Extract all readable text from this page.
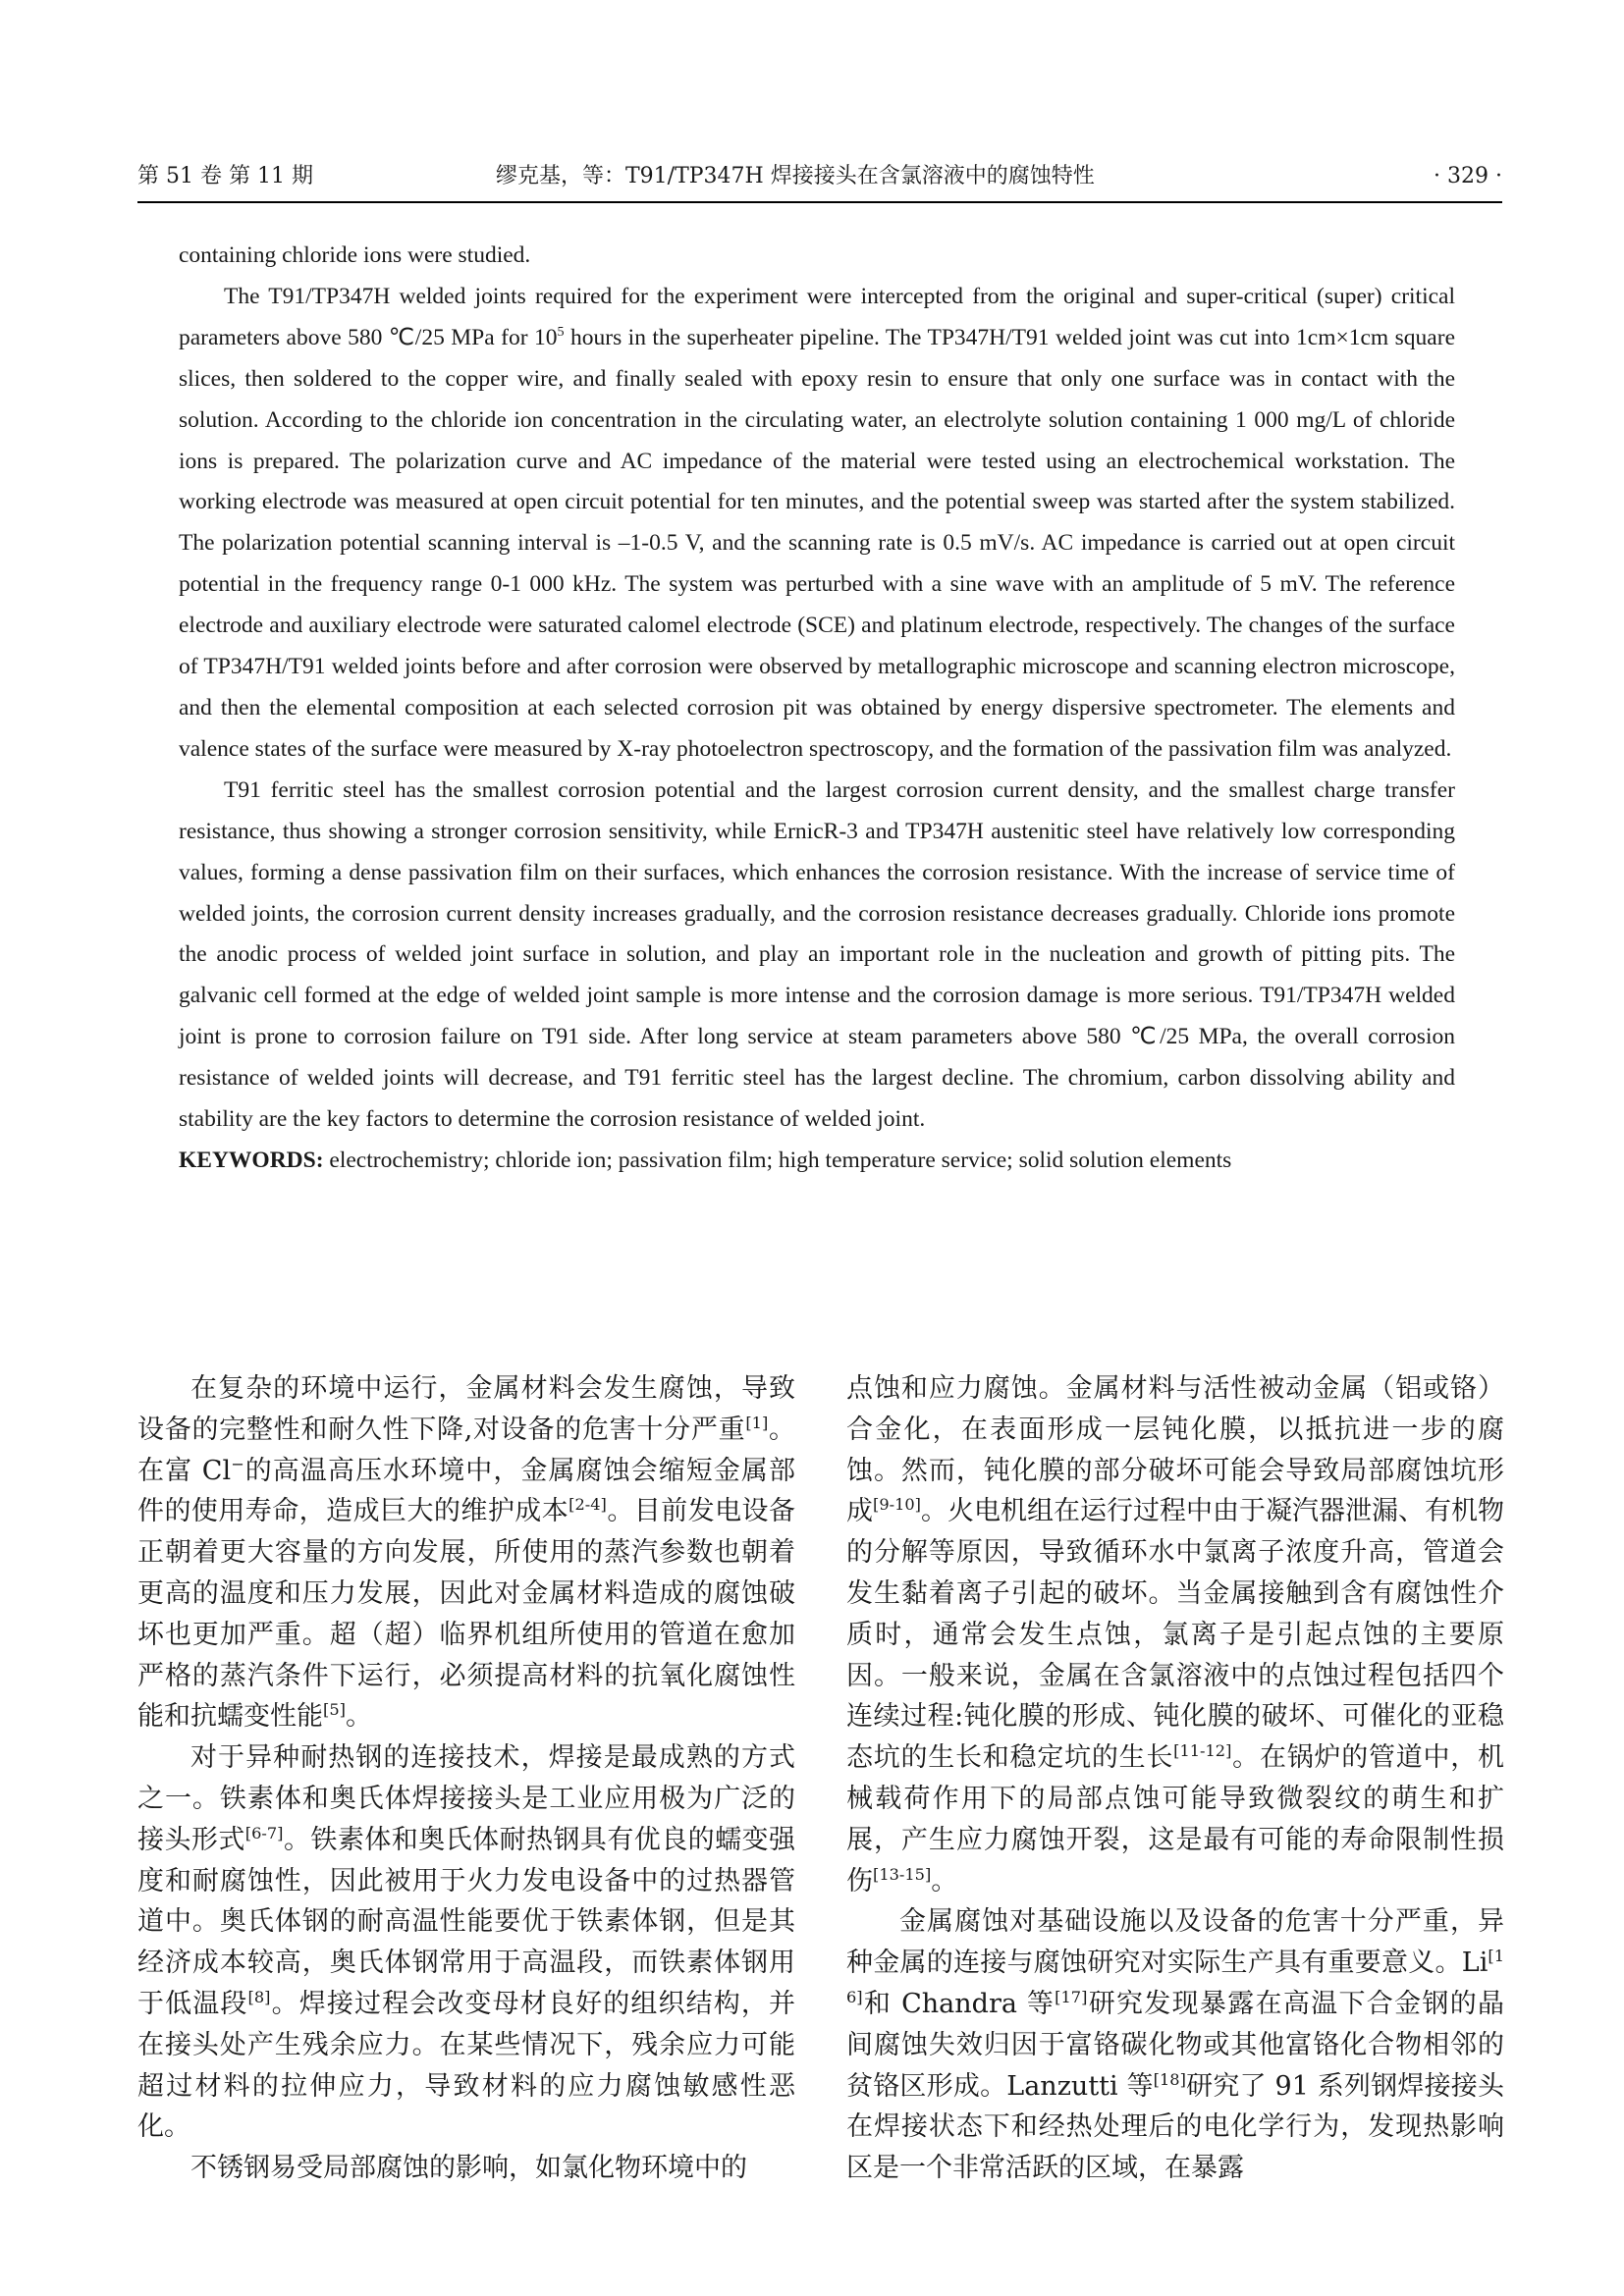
第 51 卷 第 11 期	缪克基，等：T91/TP347H 焊接接头在含氯溶液中的腐蚀特性	· 329 ·

containing chloride ions were studied.

The T91/TP347H welded joints required for the experiment were intercepted from the original and super-critical (super) critical parameters above 580 ℃/25 MPa for $10^5$ hours in the superheater pipeline. The TP347H/T91 welded joint was cut into 1cm×1cm square slices, then soldered to the copper wire, and finally sealed with epoxy resin to ensure that only one surface was in contact with the solution. According to the chloride ion concentration in the circulating water, an electrolyte solution containing 1 000 mg/L of chloride ions is prepared. The polarization curve and AC impedance of the material were tested using an electrochemical workstation. The working electrode was measured at open circuit potential for ten minutes, and the potential sweep was started after the system stabilized. The polarization potential scanning interval is –1-0.5 V, and the scanning rate is 0.5 mV/s. AC impedance is carried out at open circuit potential in the frequency range 0-1 000 kHz. The system was perturbed with a sine wave with an amplitude of 5 mV. The reference electrode and auxiliary electrode were saturated calomel electrode (SCE) and platinum electrode, respectively. The changes of the surface of TP347H/T91 welded joints before and after corrosion were observed by metallographic microscope and scanning electron microscope, and then the elemental composition at each selected corrosion pit was obtained by energy dispersive spectrometer. The elements and valence states of the surface were measured by X-ray photoelectron spectroscopy, and the formation of the passivation film was analyzed.

T91 ferritic steel has the smallest corrosion potential and the largest corrosion current density, and the smallest charge transfer resistance, thus showing a stronger corrosion sensitivity, while ErnicR-3 and TP347H austenitic steel have relatively low corresponding values, forming a dense passivation film on their surfaces, which enhances the corrosion resistance. With the increase of service time of welded joints, the corrosion current density increases gradually, and the corrosion resistance decreases gradually. Chloride ions promote the anodic process of welded joint surface in solution, and play an important role in the nucleation and growth of pitting pits. The galvanic cell formed at the edge of welded joint sample is more intense and the corrosion damage is more serious. T91/TP347H welded joint is prone to corrosion failure on T91 side. After long service at steam parameters above 580 ℃/25 MPa, the overall corrosion resistance of welded joints will decrease, and T91 ferritic steel has the largest decline. The chromium, carbon dissolving ability and stability are the key factors to determine the corrosion resistance of welded joint.

KEYWORDS: electrochemistry; chloride ion; passivation film; high temperature service; solid solution elements

在复杂的环境中运行，金属材料会发生腐蚀，导致设备的完整性和耐久性下降,对设备的危害十分严重[1]。在富 Cl−的高温高压水环境中，金属腐蚀会缩短金属部件的使用寿命，造成巨大的维护成本[2-4]。目前发电设备正朝着更大容量的方向发展，所使用的蒸汽参数也朝着更高的温度和压力发展，因此对金属材料造成的腐蚀破坏也更加严重。超（超）临界机组所使用的管道在愈加严格的蒸汽条件下运行，必须提高材料的抗氧化腐蚀性能和抗蠕变性能[5]。

对于异种耐热钢的连接技术，焊接是最成熟的方式之一。铁素体和奥氏体焊接接头是工业应用极为广泛的接头形式[6-7]。铁素体和奥氏体耐热钢具有优良的蠕变强度和耐腐蚀性，因此被用于火力发电设备中的过热器管道中。奥氏体钢的耐高温性能要优于铁素体钢，但是其经济成本较高，奥氏体钢常用于高温段，而铁素体钢用于低温段[8]。焊接过程会改变母材良好的组织结构，并在接头处产生残余应力。在某些情况下，残余应力可能超过材料的拉伸应力，导致材料的应力腐蚀敏感性恶化。

不锈钢易受局部腐蚀的影响，如氯化物环境中的

点蚀和应力腐蚀。金属材料与活性被动金属（铝或铬）合金化，在表面形成一层钝化膜，以抵抗进一步的腐蚀。然而，钝化膜的部分破坏可能会导致局部腐蚀坑形成[9-10]。火电机组在运行过程中由于凝汽器泄漏、有机物的分解等原因，导致循环水中氯离子浓度升高，管道会发生黏着离子引起的破坏。当金属接触到含有腐蚀性介质时，通常会发生点蚀，氯离子是引起点蚀的主要原因。一般来说，金属在含氯溶液中的点蚀过程包括四个连续过程:钝化膜的形成、钝化膜的破坏、可催化的亚稳态坑的生长和稳定坑的生长[11-12]。在锅炉的管道中，机械载荷作用下的局部点蚀可能导致微裂纹的萌生和扩展，产生应力腐蚀开裂，这是最有可能的寿命限制性损伤[13-15]。

金属腐蚀对基础设施以及设备的危害十分严重，异种金属的连接与腐蚀研究对实际生产具有重要意义。Li[16]和 Chandra 等[17]研究发现暴露在高温下合金钢的晶间腐蚀失效归因于富铬碳化物或其他富铬化合物相邻的贫铬区形成。Lanzutti 等[18]研究了 91 系列钢焊接接头在焊接状态下和经热处理后的电化学行为，发现热影响区是一个非常活跃的区域，在暴露
